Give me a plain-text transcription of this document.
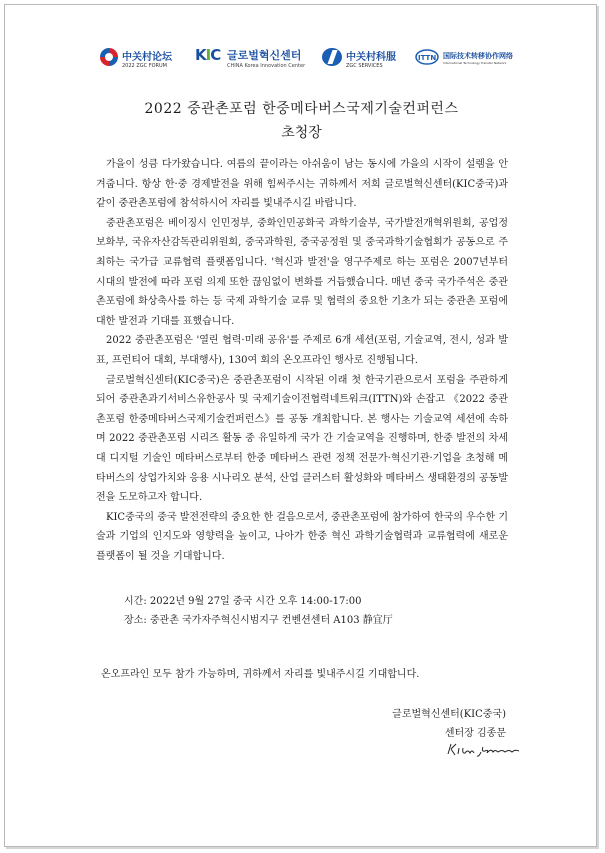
中关村论坛
2022 ZGC FORUM
KIC 글로벌혁신센터
CHINA Korea Innovation Center
中关村科服
ZGC SERVICES
ITTN 国际技术转移协作网络
International Technology Transfer Network
2022 중관촌포럼 한중메타버스국제기술컨퍼런스
초청장

가을이 성큼 다가왔습니다. 여름의 끝이라는 아쉬움이 남는 동시에 가을의 시작이 설렘을 안겨줍니다. 항상 한·중 경제발전을 위해 힘써주시는 귀하께서 저희 글로벌혁신센터(KIC중국)과 같이 중관촌포럼에 참석하시어 자리를 빛내주시길 바랍니다.

중관촌포럼은 베이징시 인민정부, 중화인민공화국 과학기술부, 국가발전개혁위원회, 공업정보화부, 국유자산감독관리위원회, 중국과학원, 중국공정원 및 중국과학기술협회가 공동으로 주최하는 국가급 교류협력 플랫폼입니다. '혁신과 발전'을 영구주제로 하는 포럼은 2007년부터 시대의 발전에 따라 포럼 의제 또한 끊임없이 변화를 거듭했습니다. 매년 중국 국가주석은 중관촌포럼에 화상축사를 하는 등 국제 과학기술 교류 및 협력의 중요한 기초가 되는 중관촌 포럼에 대한 발전과 기대를 표했습니다.

2022 중관촌포럼은 '열린 협력·미래 공유'를 주제로 6개 세션(포럼, 기술교역, 전시, 성과 발표, 프런티어 대회, 부대행사), 130여 회의 온오프라인 행사로 진행됩니다.

글로벌혁신센터(KIC중국)은 중관촌포럼이 시작된 이래 첫 한국기관으로서 포럼을 주관하게 되어 중관촌과기서비스유한공사 및 국제기술이전협력네트워크(ITTN)와 손잡고 《2022 중관촌포럼 한중메타버스국제기술컨퍼런스》를 공동 개최합니다. 본 행사는 기술교역 세션에 속하며 2022 중관촌포럼 시리즈 활동 중 유일하게 국가 간 기술교역을 진행하며, 한중 발전의 차세대 디지털 기술인 메타버스로부터 한중 메타버스 관련 정책 전문가·혁신기관·기업을 초청해 메타버스의 상업가치와 응용 시나리오 분석, 산업 클러스터 활성화와 메타버스 생태환경의 공동발전을 도모하고자 합니다.

KIC중국의 중국 발전전략의 중요한 한 걸음으로서, 중관촌포럼에 참가하여 한국의 우수한 기술과 기업의 인지도와 영향력을 높이고, 나아가 한중 혁신 과학기술협력과 교류협력에 새로운 플랫폼이 될 것을 기대합니다.

시간: 2022년 9월 27일 중국 시간 오후 14:00-17:00
장소: 중관촌 국가자주혁신시범지구 컨벤션센터 A103 静宜厅
온오프라인 모두 참가 가능하며, 귀하께서 자리를 빛내주시길 기대합니다.
글로벌혁신센터(KIC중국)
센터장 김종문
